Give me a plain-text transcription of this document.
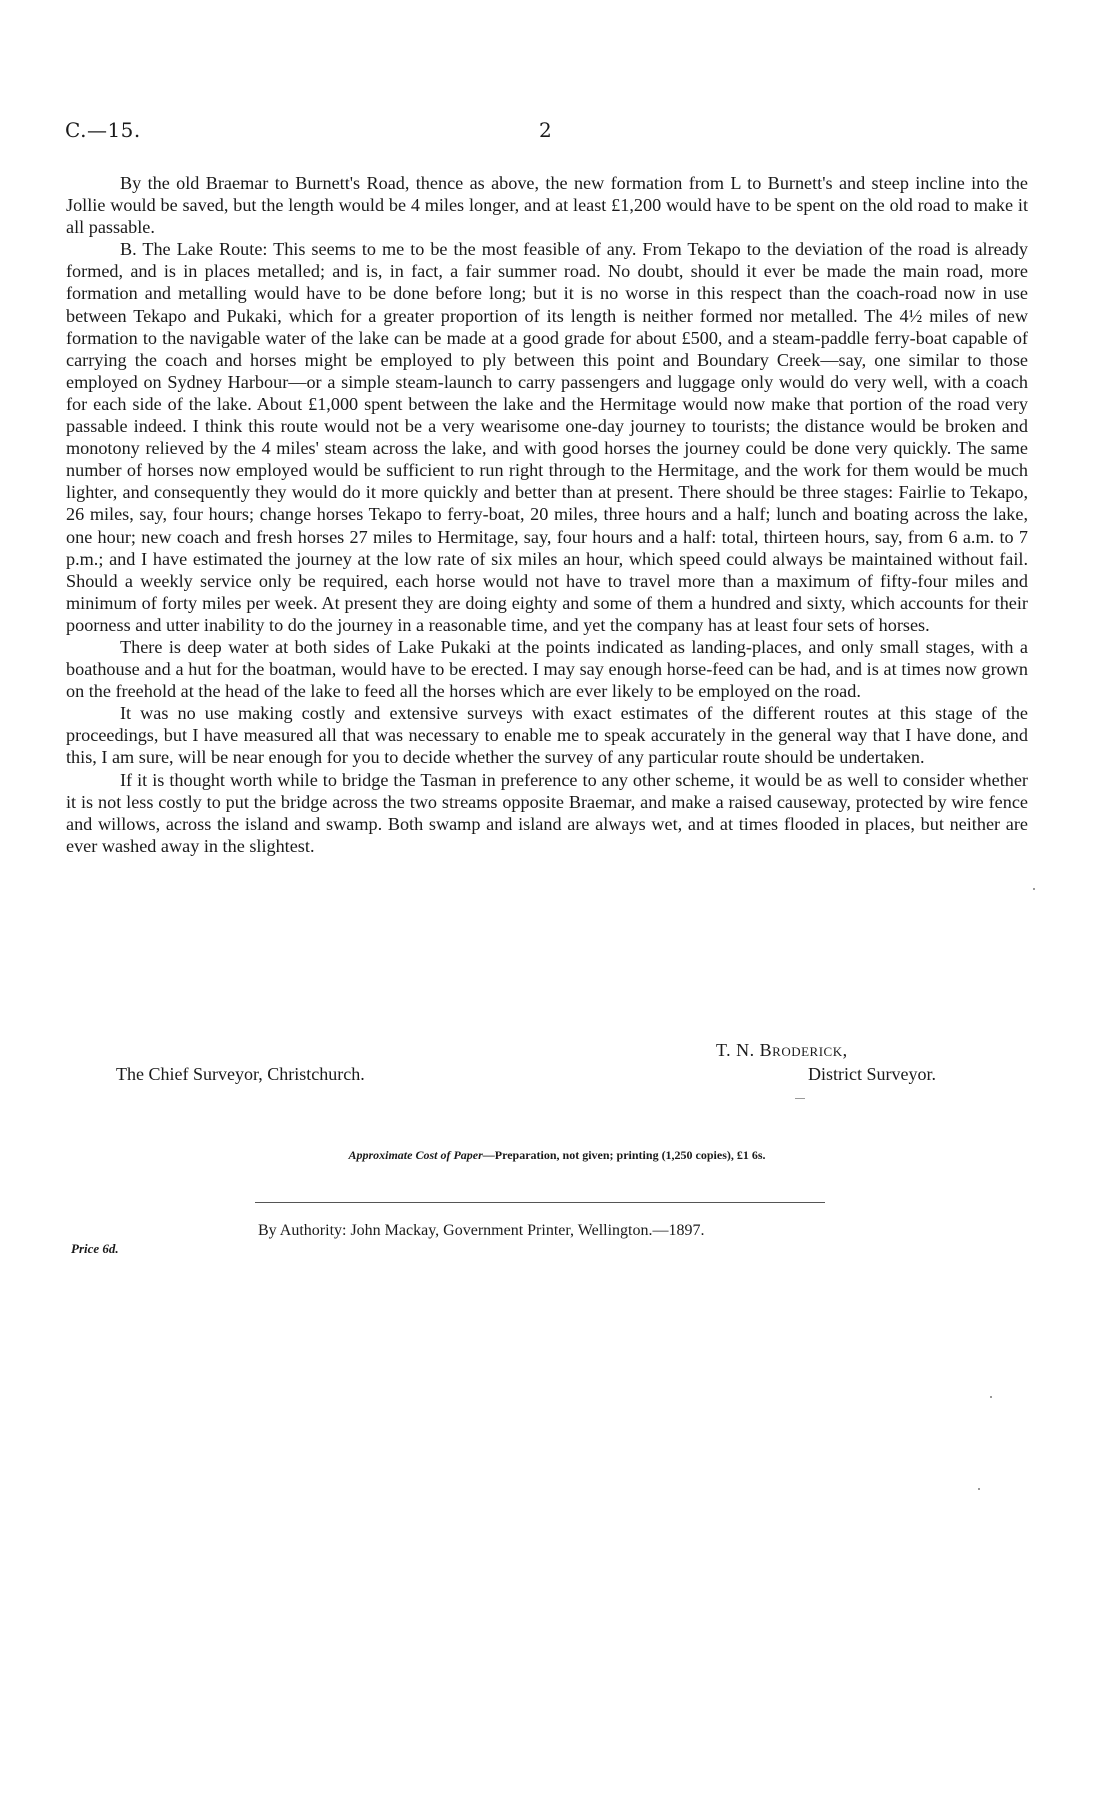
C.—15.	2

By the old Braemar to Burnett's Road, thence as above, the new formation from L to Burnett's and steep incline into the Jollie would be saved, but the length would be 4 miles longer, and at least £1,200 would have to be spent on the old road to make it all passable.

B. The Lake Route: This seems to me to be the most feasible of any. From Tekapo to the deviation of the road is already formed, and is in places metalled; and is, in fact, a fair summer road. No doubt, should it ever be made the main road, more formation and metalling would have to be done before long; but it is no worse in this respect than the coach-road now in use between Tekapo and Pukaki, which for a greater proportion of its length is neither formed nor metalled. The 4½ miles of new formation to the navigable water of the lake can be made at a good grade for about £500, and a steam-paddle ferry-boat capable of carrying the coach and horses might be employed to ply between this point and Boundary Creek—say, one similar to those employed on Sydney Harbour—or a simple steam-launch to carry passengers and luggage only would do very well, with a coach for each side of the lake. About £1,000 spent between the lake and the Hermitage would now make that portion of the road very passable indeed. I think this route would not be a very wearisome one-day journey to tourists; the distance would be broken and monotony relieved by the 4 miles' steam across the lake, and with good horses the journey could be done very quickly. The same number of horses now employed would be sufficient to run right through to the Hermitage, and the work for them would be much lighter, and consequently they would do it more quickly and better than at present. There should be three stages: Fairlie to Tekapo, 26 miles, say, four hours; change horses Tekapo to ferry-boat, 20 miles, three hours and a half; lunch and boating across the lake, one hour; new coach and fresh horses 27 miles to Hermitage, say, four hours and a half: total, thirteen hours, say, from 6 a.m. to 7 p.m.; and I have estimated the journey at the low rate of six miles an hour, which speed could always be maintained without fail. Should a weekly service only be required, each horse would not have to travel more than a maximum of fifty-four miles and minimum of forty miles per week. At present they are doing eighty and some of them a hundred and sixty, which accounts for their poorness and utter inability to do the journey in a reasonable time, and yet the company has at least four sets of horses.

There is deep water at both sides of Lake Pukaki at the points indicated as landing-places, and only small stages, with a boathouse and a hut for the boatman, would have to be erected. I may say enough horse-feed can be had, and is at times now grown on the freehold at the head of the lake to feed all the horses which are ever likely to be employed on the road.

It was no use making costly and extensive surveys with exact estimates of the different routes at this stage of the proceedings, but I have measured all that was necessary to enable me to speak accurately in the general way that I have done, and this, I am sure, will be near enough for you to decide whether the survey of any particular route should be undertaken.

If it is thought worth while to bridge the Tasman in preference to any other scheme, it would be as well to consider whether it is not less costly to put the bridge across the two streams opposite Braemar, and make a raised causeway, protected by wire fence and willows, across the island and swamp. Both swamp and island are always wet, and at times flooded in places, but neither are ever washed away in the slightest.

T. N. Broderick,
District Surveyor.
The Chief Surveyor, Christchurch.
Approximate Cost of Paper—Preparation, not given; printing (1,250 copies), £1 6s.
Price 6d.
By Authority: John Mackay, Government Printer, Wellington.—1897.
